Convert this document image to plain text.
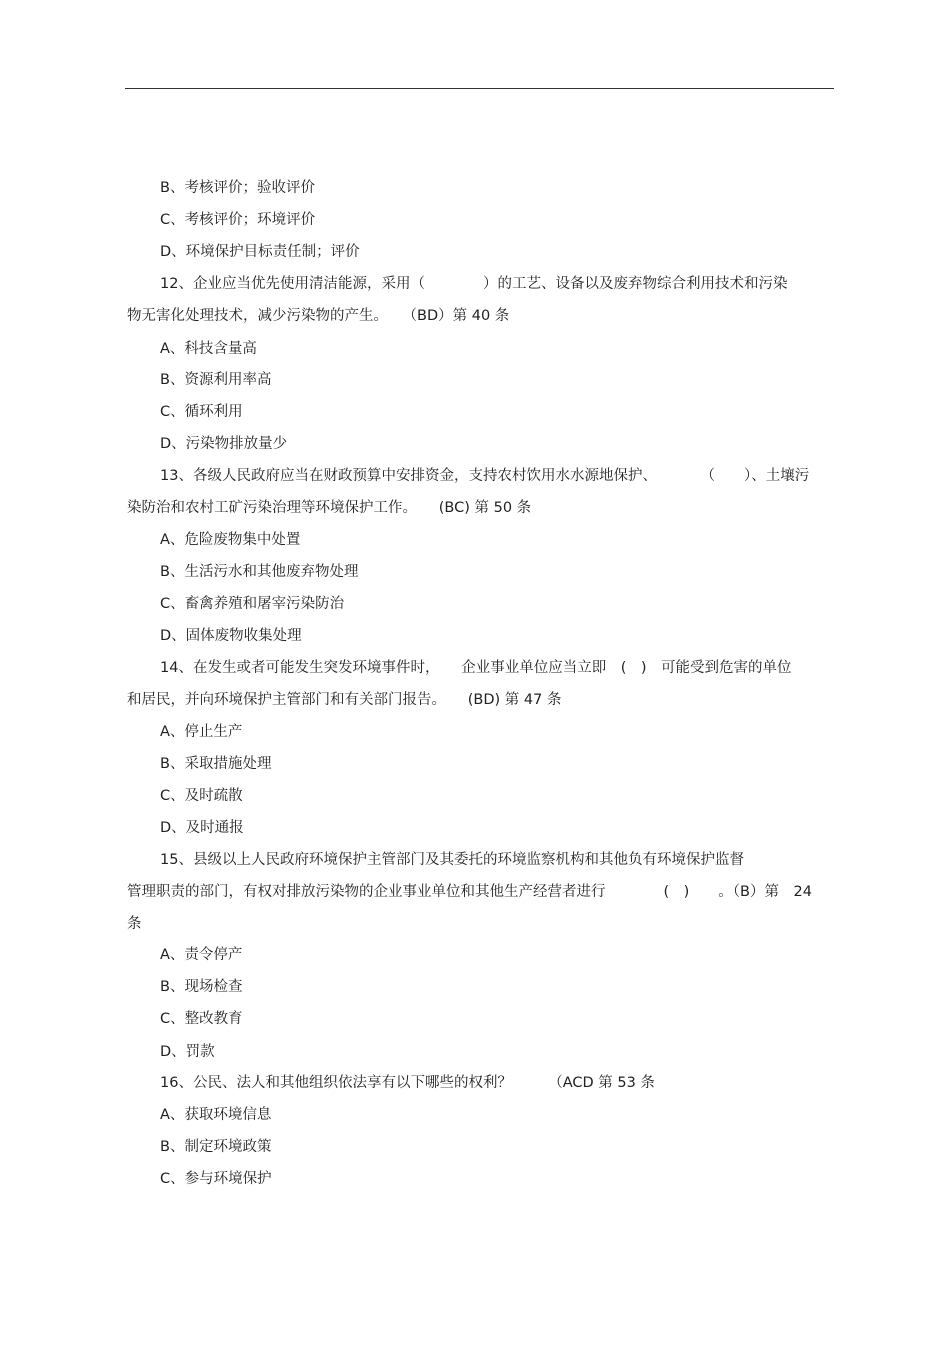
B、考核评价；验收评价
C、考核评价；环境评价
D、环境保护目标责任制；评价
12、企业应当优先使用清洁能源，采用（　　　　）的工艺、设备以及废弃物综合利用技术和污染
物无害化处理技术，减少污染物的产生。　　（BD）第 40 条
A、科技含量高
B、资源利用率高
C、循环利用
D、污染物排放量少
13、各级人民政府应当在财政预算中安排资金，支持农村饮用水水源地保护、　　　　（　　）、土壤污
染防治和农村工矿污染治理等环境保护工作。　　(BC) 第 50 条
A、危险废物集中处置
B、生活污水和其他废弃物处理
C、畜禽养殖和屠宰污染防治
D、固体废物收集处理
14、在发生或者可能发生突发环境事件时，　　企业事业单位应当立即　(　)　可能受到危害的单位
和居民，并向环境保护主管部门和有关部门报告。　　(BD) 第 47 条
A、停止生产
B、采取措施处理
C、及时疏散
D、及时通报
15、县级以上人民政府环境保护主管部门及其委托的环境监察机构和其他负有环境保护监督
管理职责的部门，有权对排放污染物的企业事业单位和其他生产经营者进行　　　　(　)　　。（B）第　24
条
A、责令停产
B、现场检查
C、整改教育
D、罚款
16、公民、法人和其他组织依法享有以下哪些的权利？　　　（ACD 第 53 条
A、获取环境信息
B、制定环境政策
C、参与环境保护
